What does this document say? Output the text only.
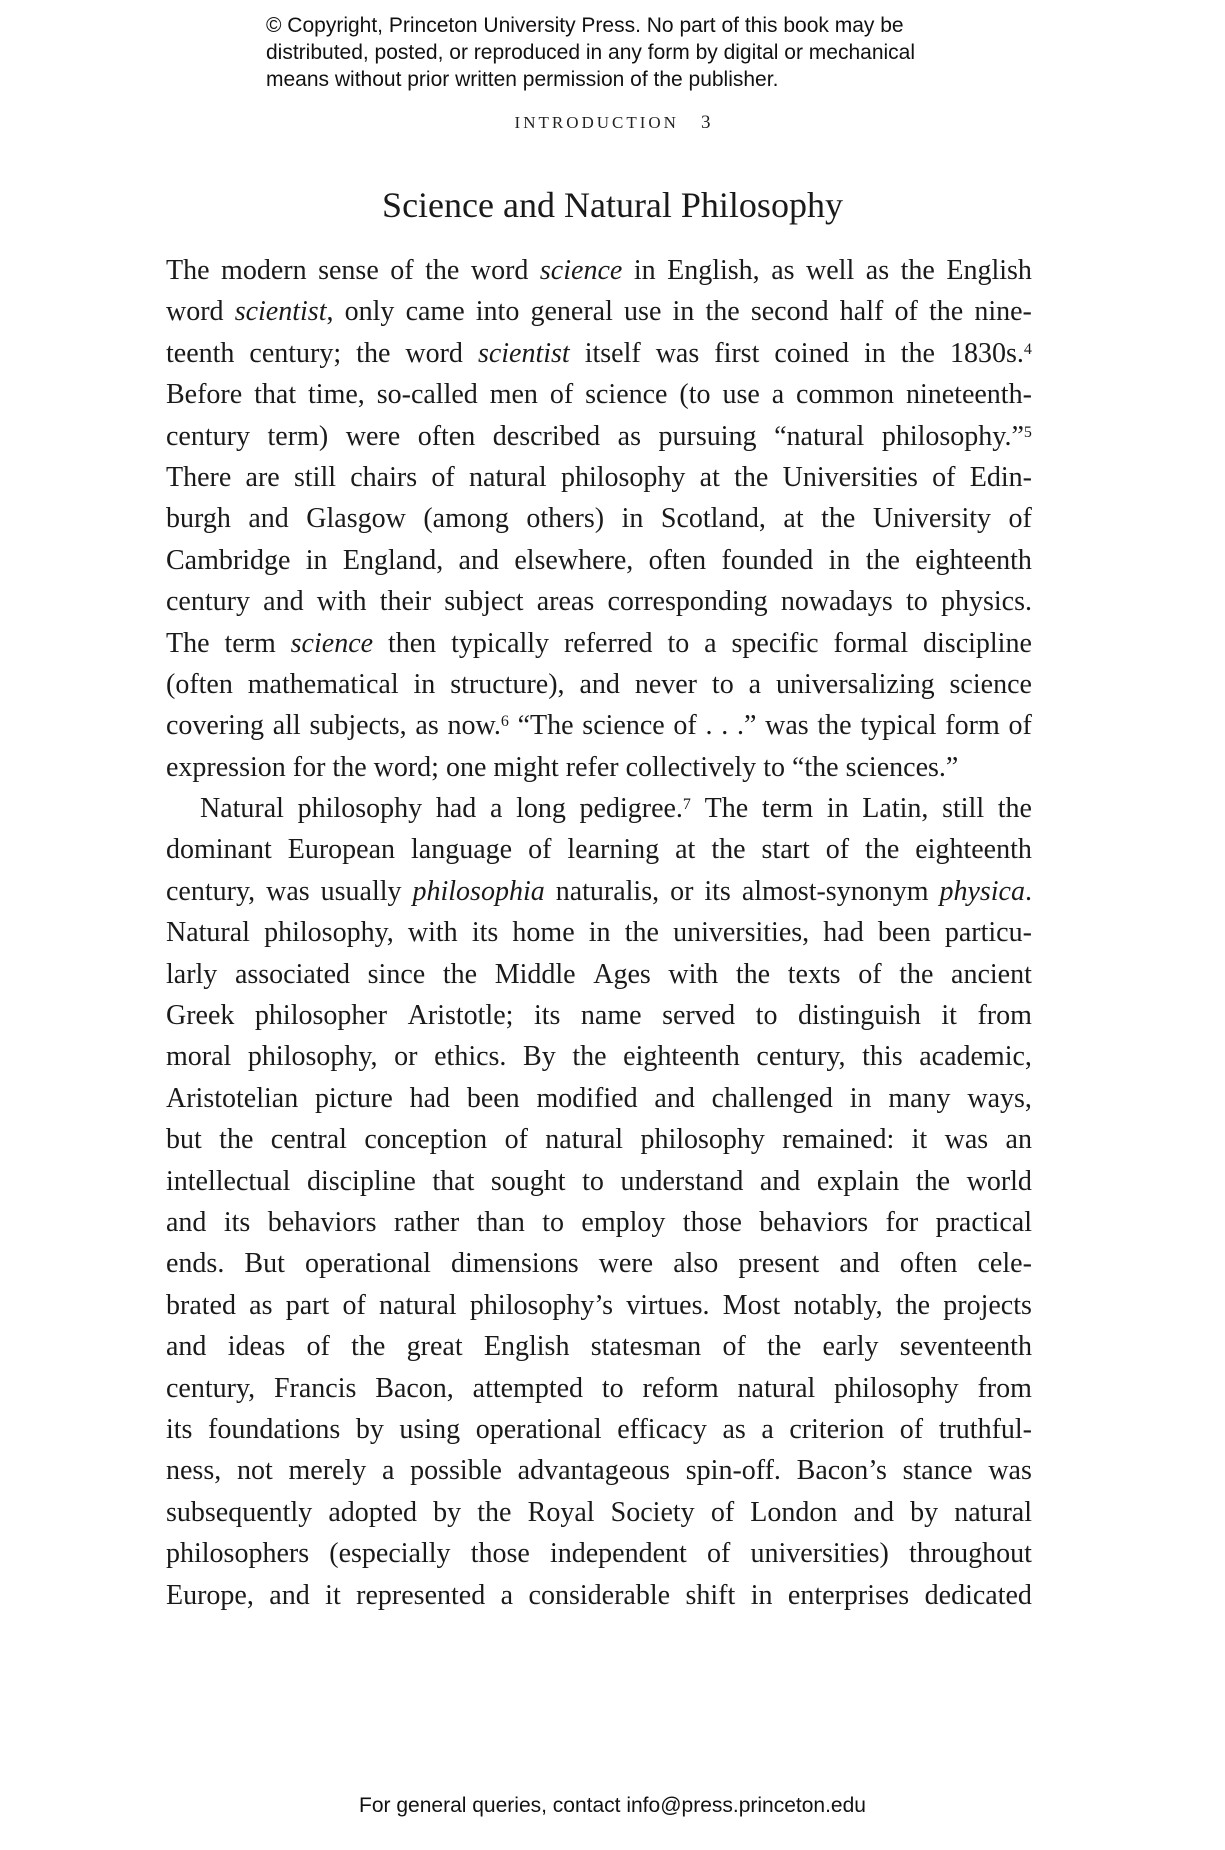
© Copyright, Princeton University Press. No part of this book may be
distributed, posted, or reproduced in any form by digital or mechanical
means without prior written permission of the publisher.
INTRODUCTION 3
Science and Natural Philosophy
The modern sense of the word science in English, as well as the English
word scientist, only came into general use in the second half of the nine-
teenth century; the word scientist itself was first coined in the 1830s.$^4$
Before that time, so-called men of science (to use a common nineteenth-
century term) were often described as pursuing “natural philosophy.”$^5$
There are still chairs of natural philosophy at the Universities of Edin-
burgh and Glasgow (among others) in Scotland, at the University of
Cambridge in England, and elsewhere, often founded in the eighteenth
century and with their subject areas corresponding nowadays to physics.
The term science then typically referred to a specific formal discipline
(often mathematical in structure), and never to a universalizing science
covering all subjects, as now.$^6$ “The science of . . .” was the typical form of
expression for the word; one might refer collectively to “the sciences.”
Natural philosophy had a long pedigree.$^7$ The term in Latin, still the
dominant European language of learning at the start of the eighteenth
century, was usually philosophia naturalis, or its almost-synonym physica.
Natural philosophy, with its home in the universities, had been particu-
larly associated since the Middle Ages with the texts of the ancient
Greek philosopher Aristotle; its name served to distinguish it from
moral philosophy, or ethics. By the eighteenth century, this academic,
Aristotelian picture had been modified and challenged in many ways,
but the central conception of natural philosophy remained: it was an
intellectual discipline that sought to understand and explain the world
and its behaviors rather than to employ those behaviors for practical
ends. But operational dimensions were also present and often cele-
brated as part of natural philosophy’s virtues. Most notably, the projects
and ideas of the great English statesman of the early seventeenth
century, Francis Bacon, attempted to reform natural philosophy from
its foundations by using operational efficacy as a criterion of truthful-
ness, not merely a possible advantageous spin-off. Bacon’s stance was
subsequently adopted by the Royal Society of London and by natural
philosophers (especially those independent of universities) throughout
Europe, and it represented a considerable shift in enterprises dedicated
For general queries, contact info@press.princeton.edu
